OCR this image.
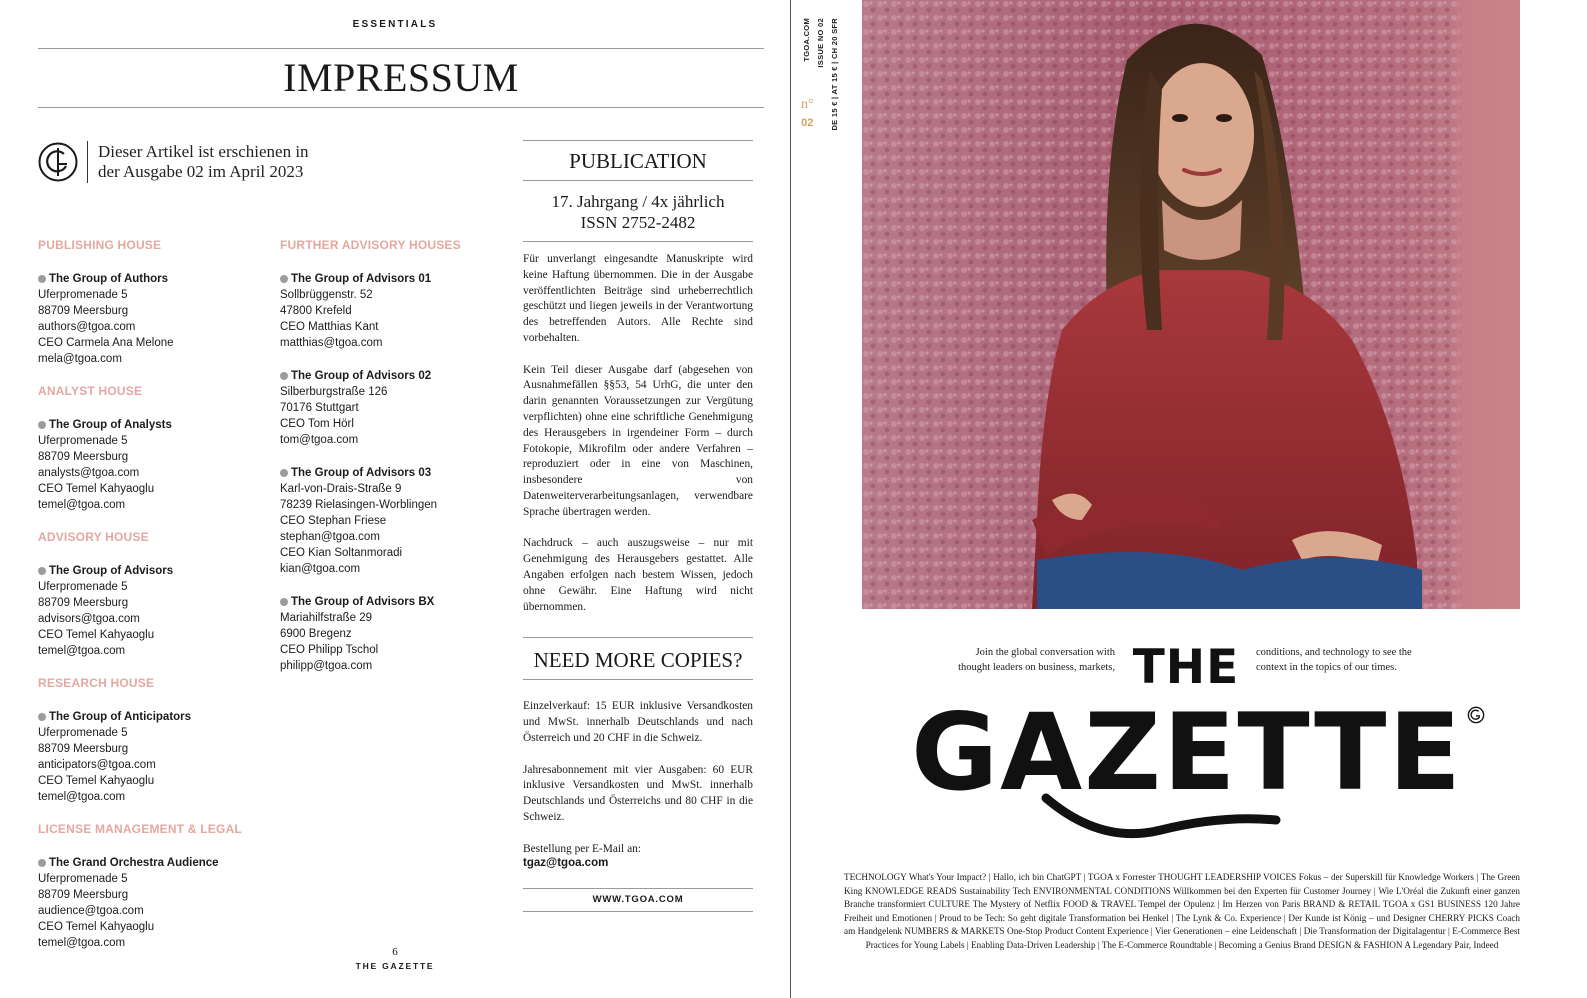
ESSENTIALS
IMPRESSUM
Dieser Artikel ist erschienen in
der Ausgabe 02 im April 2023
PUBLISHING HOUSE
The Group of Authors
Uferpromenade 5
88709 Meersburg
authors@tgoa.com
CEO Carmela Ana Melone
mela@tgoa.com
ANALYST HOUSE
The Group of Analysts
Uferpromenade 5
88709 Meersburg
analysts@tgoa.com
CEO Temel Kahyaoglu
temel@tgoa.com
ADVISORY HOUSE
The Group of Advisors
Uferpromenade 5
88709 Meersburg
advisors@tgoa.com
CEO Temel Kahyaoglu
temel@tgoa.com
RESEARCH HOUSE
The Group of Anticipators
Uferpromenade 5
88709 Meersburg
anticipators@tgoa.com
CEO Temel Kahyaoglu
temel@tgoa.com
LICENSE MANAGEMENT & LEGAL
The Grand Orchestra Audience
Uferpromenade 5
88709 Meersburg
audience@tgoa.com
CEO Temel Kahyaoglu
temel@tgoa.com
FURTHER ADVISORY HOUSES
The Group of Advisors 01
Sollbrüggenstr. 52
47800 Krefeld
CEO Matthias Kant
matthias@tgoa.com
The Group of Advisors 02
Silberburgstraße 126
70176 Stuttgart
CEO Tom Hörl
tom@tgoa.com
The Group of Advisors 03
Karl-von-Drais-Straße 9
78239 Rielasingen-Worblingen
CEO Stephan Friese
stephan@tgoa.com
CEO Kian Soltanmoradi
kian@tgoa.com
The Group of Advisors BX
Mariahilfstraße 29
6900 Bregenz
CEO Philipp Tschol
philipp@tgoa.com
PUBLICATION
17. Jahrgang / 4x jährlich
ISSN 2752-2482

Für unverlangt eingesandte Manuskripte wird keine Haftung übernommen. Die in der Ausgabe veröffentlichten Beiträge sind urheberrechtlich geschützt und liegen jeweils in der Verantwortung des betreffenden Autors. Alle Rechte sind vorbehalten.

Kein Teil dieser Ausgabe darf (abgesehen von Ausnahmefällen §§53, 54 UrhG, die unter den darin genannten Voraussetzungen zur Vergütung verpflichten) ohne eine schriftliche Genehmigung des Herausgebers in irgendeiner Form – durch Fotokopie, Mikrofilm oder andere Verfahren – reproduziert oder in eine von Maschinen, insbesondere von Datenweiterverarbeitungsanlagen, verwendbare Sprache übertragen werden.

Nachdruck – auch auszugsweise – nur mit Genehmigung des Herausgebers gestattet. Alle Angaben erfolgen nach bestem Wissen, jedoch ohne Gewähr. Eine Haftung wird nicht übernommen.

NEED MORE COPIES?

Einzelverkauf: 15 EUR inklusive Versandkosten und MwSt. innerhalb Deutschlands und nach Österreich und 20 CHF in die Schweiz.

Jahresabonnement mit vier Ausgaben: 60 EUR inklusive Versandkosten und MwSt. innerhalb Deutschlands und Österreichs und 80 CHF in die Schweiz.

Bestellung per E-Mail an:

tgaz@tgoa.com
WWW.TGOA.COM
6
THE GAZETTE
TGOA.COM ISSUE NO 02 DE 15 € | AT 15 € | CH 20 SFR
n°
02
Join the global conversation with thought leaders on business, markets, THE conditions, and technology to see the context in the topics of our times.
GAZETTE
TECHNOLOGY What's Your Impact? | Hallo, ich bin ChatGPT | TGOA x Forrester THOUGHT LEADERSHIP VOICES Fokus – der Superskill für Knowledge Workers | The Green King KNOWLEDGE READS Sustainability Tech ENVIRONMENTAL CONDITIONS Willkommen bei den Experten für Customer Journey | Wie L'Oréal die Zukunft einer ganzen Branche transformiert CULTURE The Mystery of Netflix FOOD & TRAVEL Tempel der Opulenz | Im Herzen von Paris BRAND & RETAIL TGOA x GS1 BUSINESS 120 Jahre Freiheit und Emotionen | Proud to be Tech: So geht digitale Transformation bei Henkel | The Lynk & Co. Experience | Der Kunde ist König – und Designer CHERRY PICKS Coach am Handgelenk NUMBERS & MARKETS One-Stop Product Content Experience | Vier Generationen – eine Leidenschaft | Die Transformation der Digitalagentur | E-Commerce Best Practices for Young Labels | Enabling Data-Driven Leadership | The E-Commerce Roundtable | Becoming a Genius Brand DESIGN & FASHION A Legendary Pair, Indeed
